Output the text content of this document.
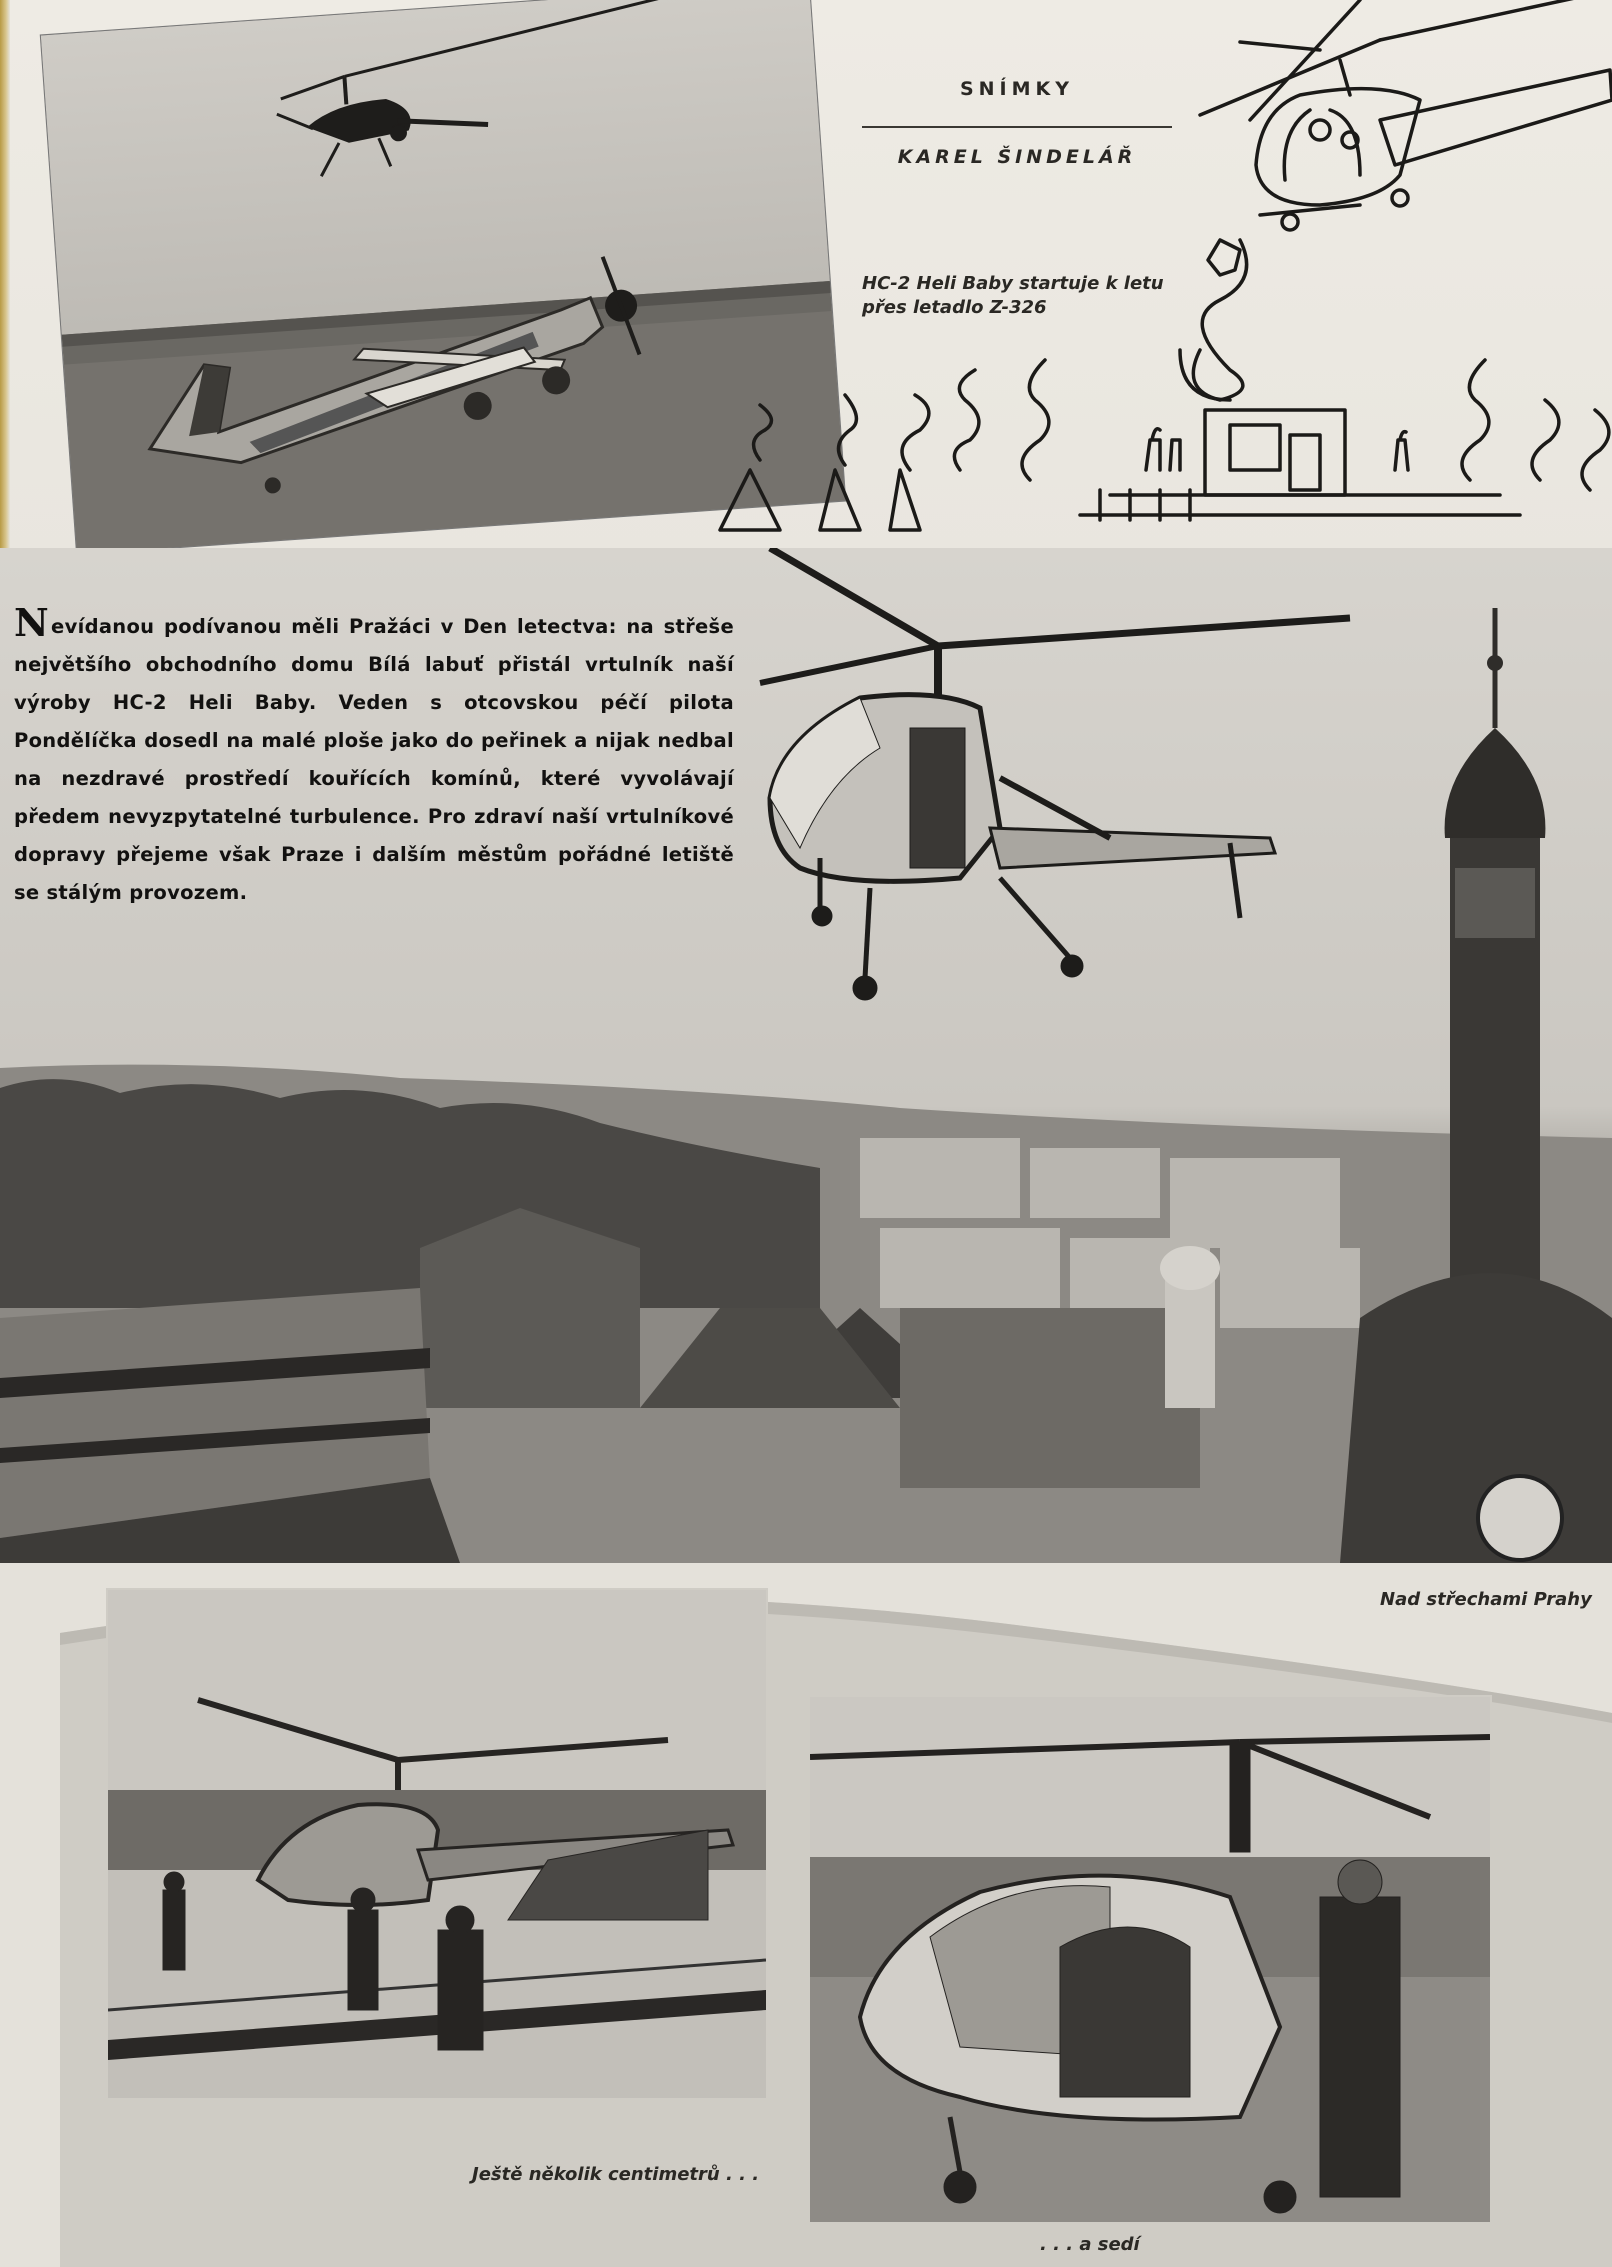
SNÍMKY
KAREL ŠINDELÁŘ
HC-2 Heli Baby startuje k letu přes letadlo Z-326
Nevídanou podívanou měli Pražáci v Den letectva: na střeše největšího obchodního domu Bílá labuť přistál vrtulník naší výroby HC-2 Heli Baby. Veden s otcovskou péčí pilota Pondělíčka dosedl na malé ploše jako do peřinek a nijak nedbal na nezdravé prostředí kouřících komínů, které vyvolávají předem nevyzpytatelné turbulence. Pro zdraví naší vrtulníkové dopravy přejeme však Praze i dalším městům pořádné letiště se stálým provozem.
Nad střechami Prahy
Ještě několik centimetrů . . .
. . . a sedí
